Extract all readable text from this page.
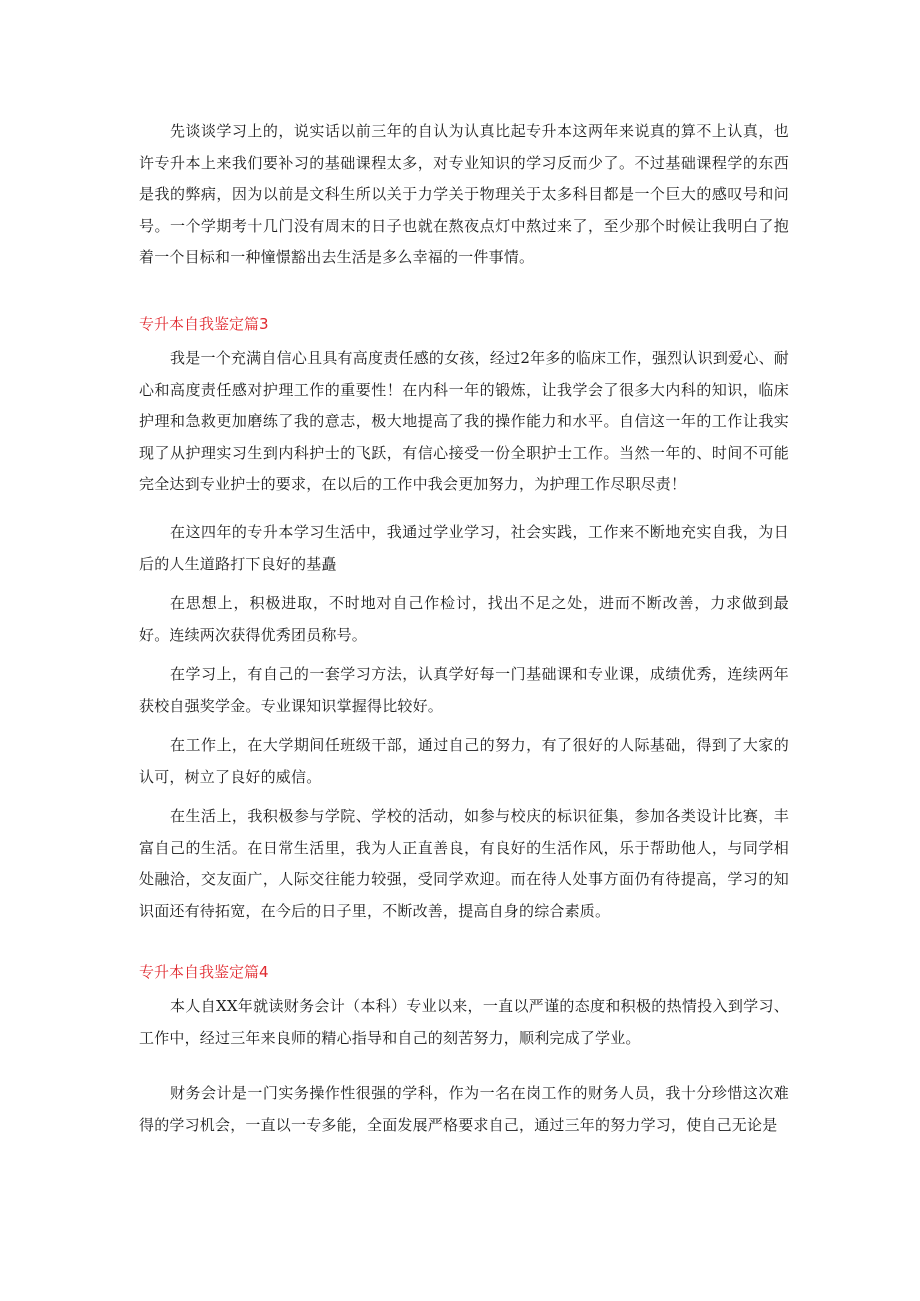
先谈谈学习上的，说实话以前三年的自认为认真比起专升本这两年来说真的算不上认真，也许专升本上来我们要补习的基础课程太多，对专业知识的学习反而少了。不过基础课程学的东西是我的弊病，因为以前是文科生所以关于力学关于物理关于太多科目都是一个巨大的感叹号和问号。一个学期考十几门没有周末的日子也就在熬夜点灯中熬过来了，至少那个时候让我明白了抱着一个目标和一种憧憬豁出去生活是多么幸福的一件事情。

专升本自我鉴定篇3

我是一个充满自信心且具有高度责任感的女孩，经过2年多的临床工作，强烈认识到爱心、耐心和高度责任感对护理工作的重要性！在内科一年的锻炼，让我学会了很多大内科的知识，临床护理和急救更加磨练了我的意志，极大地提高了我的操作能力和水平。自信这一年的工作让我实现了从护理实习生到内科护士的飞跃，有信心接受一份全职护士工作。当然一年的、时间不可能完全达到专业护士的要求，在以后的工作中我会更加努力，为护理工作尽职尽责！

在这四年的专升本学习生活中，我通过学业学习，社会实践，工作来不断地充实自我，为日后的人生道路打下良好的基矗

在思想上，积极进取，不时地对自己作检讨，找出不足之处，进而不断改善，力求做到最好。连续两次获得优秀团员称号。

在学习上，有自己的一套学习方法，认真学好每一门基础课和专业课，成绩优秀，连续两年获校自强奖学金。专业课知识掌握得比较好。

在工作上，在大学期间任班级干部，通过自己的努力，有了很好的人际基础，得到了大家的认可，树立了良好的威信。

在生活上，我积极参与学院、学校的活动，如参与校庆的标识征集，参加各类设计比赛，丰富自己的生活。在日常生活里，我为人正直善良，有良好的生活作风，乐于帮助他人，与同学相处融洽，交友面广，人际交往能力较强，受同学欢迎。而在待人处事方面仍有待提高，学习的知识面还有待拓宽，在今后的日子里，不断改善，提高自身的综合素质。

专升本自我鉴定篇4

本人自XX年就读财务会计（本科）专业以来，一直以严谨的态度和积极的热情投入到学习、工作中，经过三年来良师的精心指导和自己的刻苦努力，顺利完成了学业。

财务会计是一门实务操作性很强的学科，作为一名在岗工作的财务人员，我十分珍惜这次难得的学习机会，一直以一专多能，全面发展严格要求自己，通过三年的努力学习，使自己无论是
